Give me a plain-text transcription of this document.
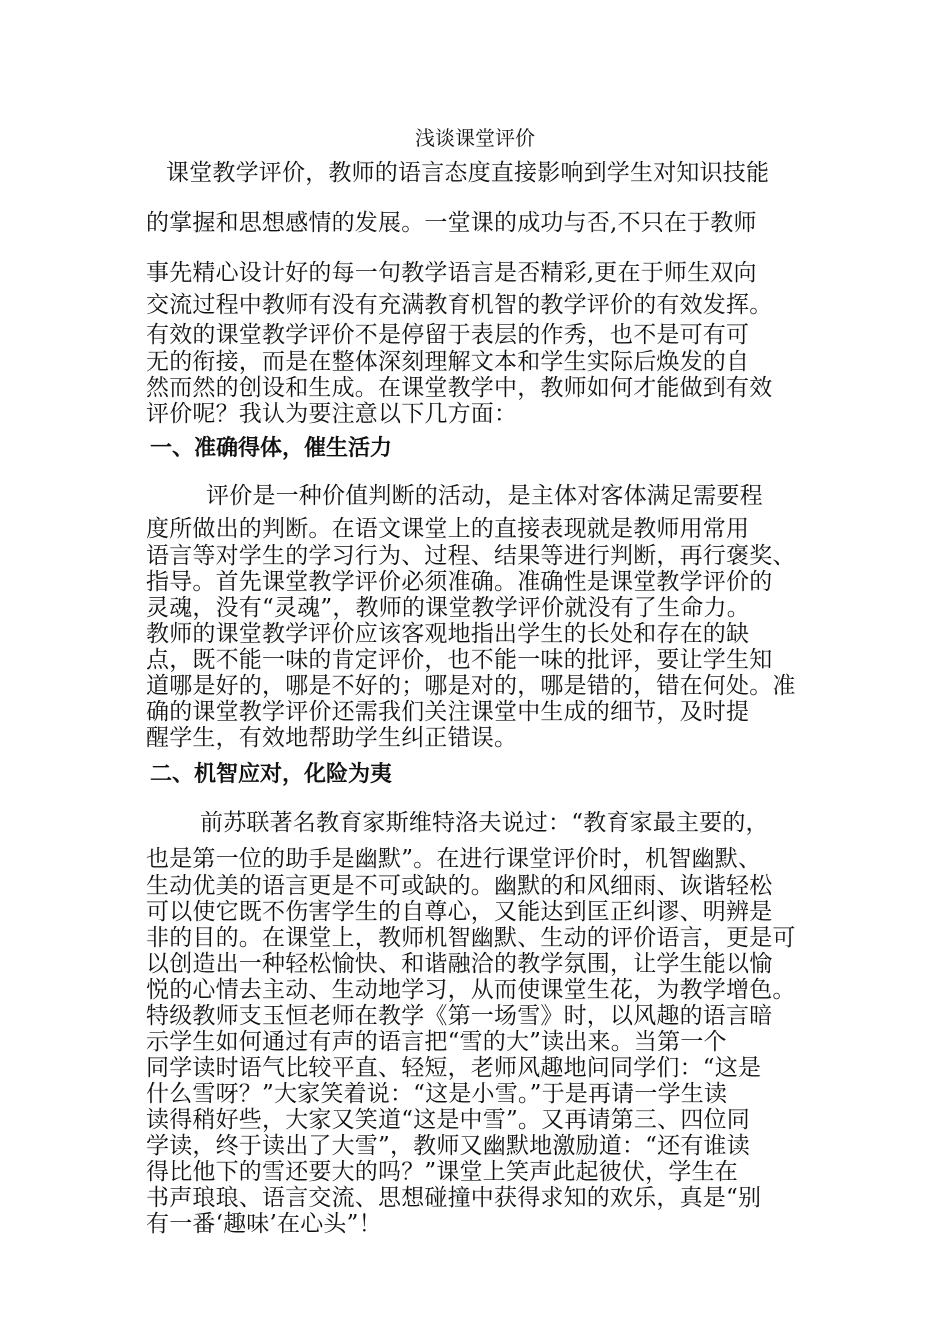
浅谈课堂评价
课堂教学评价，教师的语言态度直接影响到学生对知识技能
的掌握和思想感情的发展。一堂课的成功与否,不只在于教师
事先精心设计好的每一句教学语言是否精彩,更在于师生双向
交流过程中教师有没有充满教育机智的教学评价的有效发挥。
有效的课堂教学评价不是停留于表层的作秀，也不是可有可
无的衔接，而是在整体深刻理解文本和学生实际后焕发的自
然而然的创设和生成。在课堂教学中，教师如何才能做到有效
评价呢？我认为要注意以下几方面：
一、准确得体，催生活力
评价是一种价值判断的活动，是主体对客体满足需要程
度所做出的判断。在语文课堂上的直接表现就是教师用常用
语言等对学生的学习行为、过程、结果等进行判断，再行褒奖、
指导。首先课堂教学评价必须准确。准确性是课堂教学评价的
灵魂，没有“灵魂”，教师的课堂教学评价就没有了生命力。
教师的课堂教学评价应该客观地指出学生的长处和存在的缺
点，既不能一味的肯定评价，也不能一味的批评，要让学生知
道哪是好的，哪是不好的；哪是对的，哪是错的，错在何处。准
确的课堂教学评价还需我们关注课堂中生成的细节，及时提
醒学生，有效地帮助学生纠正错误。
二、机智应对，化险为夷
前苏联著名教育家斯维特洛夫说过：“教育家最主要的，
也是第一位的助手是幽默”。在进行课堂评价时，机智幽默、
生动优美的语言更是不可或缺的。幽默的和风细雨、诙谐轻松
可以使它既不伤害学生的自尊心，又能达到匡正纠谬、明辨是
非的目的。在课堂上，教师机智幽默、生动的评价语言，更是可
以创造出一种轻松愉快、和谐融洽的教学氛围，让学生能以愉
悦的心情去主动、生动地学习，从而使课堂生花，为教学增色。
特级教师支玉恒老师在教学《第一场雪》时，以风趣的语言暗
示学生如何通过有声的语言把“雪的大”读出来。当第一个
同学读时语气比较平直、轻短，老师风趣地问同学们：“这是
什么雪呀？”大家笑着说：“这是小雪。”于是再请一学生读
读得稍好些，大家又笑道“这是中雪”。又再请第三、四位同
学读，终于读出了大雪”，教师又幽默地激励道：“还有谁读
得比他下的雪还要大的吗？”课堂上笑声此起彼伏，学生在
书声琅琅、语言交流、思想碰撞中获得求知的欢乐，真是“别
有一番‘趣味’在心头”！
